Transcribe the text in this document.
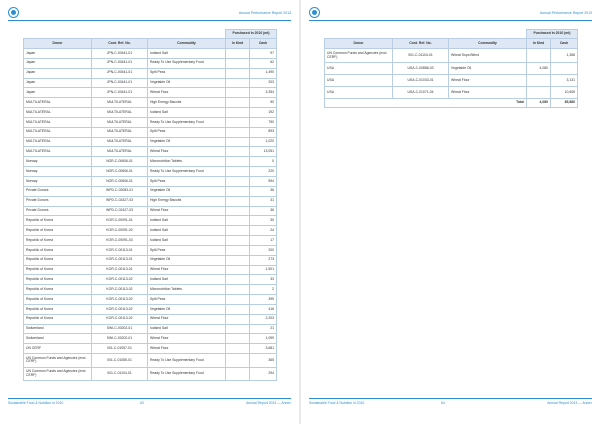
Annual Performance Report 2013
			Purchased in 2010 (mt)	
Donor	Cont. Ref. No.	Commodity	In Kind	Cash
Japan	JPN-C-00441-01	Iodised Salt		97
Japan	JPN-C-00441-01	Ready To Use Supplementary Food		62
Japan	JPN-C-00441-01	Split Peas		1,490
Japan	JPN-C-00441-01	Vegetable Oil		203
Japan	JPN-C-00441-01	Wheat Flour		3,354
MULTILATERAL	MULTILATERAL	High Energy Biscuits		50
MULTILATERAL	MULTILATERAL	Iodised Salt		192
MULTILATERAL	MULTILATERAL	Ready To Use Supplementary Food		750
MULTILATERAL	MULTILATERAL	Split Peas		893
MULTILATERAL	MULTILATERAL	Vegetable Oil		1,020
MULTILATERAL	MULTILATERAL	Wheat Flour		13,051
Norway	NOR-C-00606-01	Micronutrition Tablets		0
Norway	NOR-C-00606-01	Ready To Use Supplementary Food		220
Norway	NOR-C-00606-01	Split Peas		594
Private Donors	WPD-C-02083-01	Vegetable Oil		36
Private Donors	WPD-C-02427-03	High Energy Biscuits		31
Private Donors	WPD-C-02427-03	Wheat Flour		36
Republic of Korea	KOR-C-00091-01	Iodised Salt		30
Republic of Korea	KOR-C-00091-02	Iodised Salt		24
Republic of Korea	KOR-C-00091-03	Iodised Salt		17
Republic of Korea	KOR-C-00113-01	Split Peas		200
Republic of Korea	KOR-C-00113-01	Vegetable Oil		273
Republic of Korea	KOR-C-00113-01	Wheat Flour		1,501
Republic of Korea	KOR-C-00113-02	Iodised Salt		33
Republic of Korea	KOR-C-00113-02	Micronutrition Tablets		2
Republic of Korea	KOR-C-00113-02	Split Peas		395
Republic of Korea	KOR-C-00113-02	Vegetable Oil		416
Republic of Korea	KOR-C-00113-02	Wheat Flour		2,203
Switzerland	SWI-C-00202-01	Iodised Salt		21
Switzerland	SWI-C-00202-01	Wheat Flour		1,099
UN CERF	001-C-01057-01	Wheat Flour		3,681
UN Common Funds and Agencies (excl. CERF)	001-C-01085-01	Ready To Use Supplementary Food		365
UN Common Funds and Agencies (excl. CERF)	001-C-01104-01	Ready To Use Supplementary Food		294
Sustainable Food & Nutrition in 2010	63	Annual Report 2013 — Annex
Annual Performance Report 2013
			Purchased in 2010 (mt)	
Donor	Cont. Ref. No.	Commodity	In Kind	Cash
UN Common Funds and Agencies (excl. CERF)	001-C-01104-01	Wheat Soya Blend		1,368
USA	USA-C-00886-03	Vegetable Oil	4,080	
USA	USA-C-01033-01	Wheat Flour		3,131
USA	USA-C-01071-04	Wheat Flour		10,606
Total			4,080	65,880
Sustainable Food & Nutrition in 2010	64	Annual Report 2013 — Annex
